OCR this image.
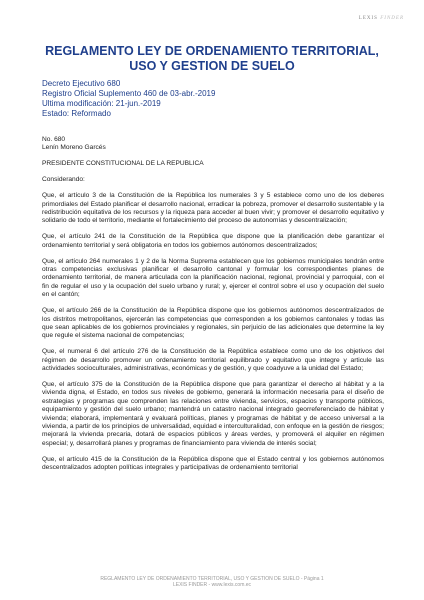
LEXIS FINDER
REGLAMENTO LEY DE ORDENAMIENTO TERRITORIAL,
USO Y GESTION DE SUELO
Decreto Ejecutivo 680
Registro Oficial Suplemento 460 de 03-abr.-2019
Ultima modificación: 21-jun.-2019
Estado: Reformado

No. 680

Lenín Moreno Garcés

PRESIDENTE CONSTITUCIONAL DE LA REPUBLICA

Considerando:

Que, el artículo 3 de la Constitución de la República los numerales 3 y 5 establece como uno de los deberes primordiales del Estado planificar el desarrollo nacional, erradicar la pobreza, promover el desarrollo sustentable y la redistribución equitativa de los recursos y la riqueza para acceder al buen vivir; y promover el desarrollo equitativo y solidario de todo el territorio, mediante el fortalecimiento del proceso de autonomías y descentralización;

Que, el artículo 241 de la Constitución de la República que dispone que la planificación debe garantizar el ordenamiento territorial y será obligatoria en todos los gobiernos autónomos descentralizados;

Que, el artículo 264 numerales 1 y 2 de la Norma Suprema establecen que los gobiernos municipales tendrán entre otras competencias exclusivas planificar el desarrollo cantonal y formular los correspondientes planes de ordenamiento territorial, de manera articulada con la planificación nacional, regional, provincial y parroquial, con el fin de regular el uso y la ocupación del suelo urbano y rural; y, ejercer el control sobre el uso y ocupación del suelo en el cantón;

Que, el artículo 266 de la Constitución de la República dispone que los gobiernos autónomos descentralizados de los distritos metropolitanos, ejercerán las competencias que corresponden a los gobiernos cantonales y todas las que sean aplicables de los gobiernos provinciales y regionales, sin perjuicio de las adicionales que determine la ley que regule el sistema nacional de competencias;

Que, el numeral 6 del artículo 276 de la Constitución de la República establece como uno de los objetivos del régimen de desarrollo promover un ordenamiento territorial equilibrado y equitativo que integre y articule las actividades socioculturales, administrativas, económicas y de gestión, y que coadyuve a la unidad del Estado;

Que, el artículo 375 de la Constitución de la República dispone que para garantizar el derecho al hábitat y a la vivienda digna, el Estado, en todos sus niveles de gobierno, generará la información necesaria para el diseño de estrategias y programas que comprenden las relaciones entre vivienda, servicios, espacios y transporte públicos, equipamiento y gestión del suelo urbano; mantendrá un catastro nacional integrado georreferenciado de hábitat y vivienda; elaborará, implementará y evaluará políticas, planes y programas de hábitat y de acceso universal a la vivienda, a partir de los principios de universalidad, equidad e interculturalidad, con enfoque en la gestión de riesgos; mejorará la vivienda precaria, dotará de espacios públicos y áreas verdes, y promoverá el alquiler en régimen especial; y, desarrollará planes y programas de financiamiento para vivienda de interés social;

Que, el artículo 415 de la Constitución de la República dispone que el Estado central y los gobiernos autónomos descentralizados adopten políticas integrales y participativas de ordenamiento territorial

REGLAMENTO LEY DE ORDENAMIENTO TERRITORIAL, USO Y GESTION DE SUELO - Página 1
LEXIS FINDER - www.lexis.com.ec
